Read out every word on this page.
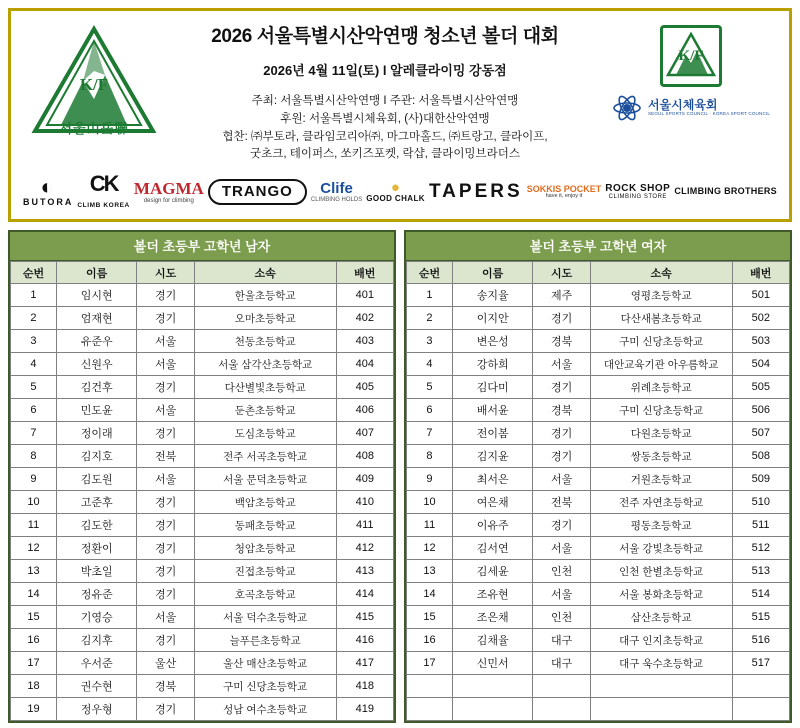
K/F
서울山岳聯
2026 서울특별시산악연맹 청소년 볼더 대회
2026년 4월 11일(토) l 알레클라이밍 강동점
주최: 서울특별시산악연맹 I 주관: 서울특별시산악연맹
후원: 서울특별시체육회, (사)대한산악연맹
협찬: ㈜부토라, 클라임코리아㈜, 마그마홀드, ㈜트랑고, 클라이프,
굿초크, 테이퍼스, 쏘키즈포켓, 락샵, 클라이밍브라더스
K/F
서울시체육회
SEOUL SPORTS COUNCIL · KOREA SPORT COUNCIL
◐
BUTORA
CK
CLIMB KOREA
MAGMA
design for climbing
TRANGO	Clife
CLIMBING HOLDS
●
GOOD CHALK TAPERS SOKKIS POCKET
have it, enjoy it
ROCK SHOP
CLIMBING STORE
CLIMBING BROTHERS
볼더 초등부 고학년 남자
순번	이름	시도	소속	배번
1	임시현	경기	한울초등학교	401
2	엄재현	경기	오마초등학교	402
3	유준우	서울	천동초등학교	403
4	신원우	서울	서울 삼각산초등학교	404
5	김건후	경기	다산별빛초등학교	405
6	민도윤	서울	둔촌초등학교	406
7	정이래	경기	도심초등학교	407
8	김지호	전북	전주 서곡초등학교	408
9	김도원	서울	서울 문덕초등학교	409
10	고준후	경기	백암초등학교	410
11	김도한	경기	동패초등학교	411
12	정환이	경기	청암초등학교	412
13	박초일	경기	진접초등학교	413
14	정유준	경기	호곡초등학교	414
15	기영승	서울	서울 덕수초등학교	415
16	김지후	경기	늘푸른초등학교	416
17	우서준	울산	울산 매산초등학교	417
18	권수현	경북	구미 신당초등학교	418
19	정우형	경기	성남 여수초등학교	419
볼더 초등부 고학년 여자
순번	이름	시도	소속	배번
1	송지율	제주	영평초등학교	501
2	이지안	경기	다산새봄초등학교	502
3	변은성	경북	구미 신당초등학교	503
4	강하희	서울	대안교육기관 아우름학교	504
5	김다미	경기	위례초등학교	505
6	배서윤	경북	구미 신당초등학교	506
7	전이봄	경기	다원초등학교	507
8	김지윤	경기	쌍동초등학교	508
9	최서은	서울	거원초등학교	509
10	여은채	전북	전주 자연초등학교	510
11	이유주	경기	평동초등학교	511
12	김서연	서울	서울 강빛초등학교	512
13	김세윤	인천	인천 한별초등학교	513
14	조유현	서울	서울 봉화초등학교	514
15	조은채	인천	삼산초등학교	515
16	김채율	대구	대구 인지초등학교	516
17	신민서	대구	대구 욱수초등학교	517
